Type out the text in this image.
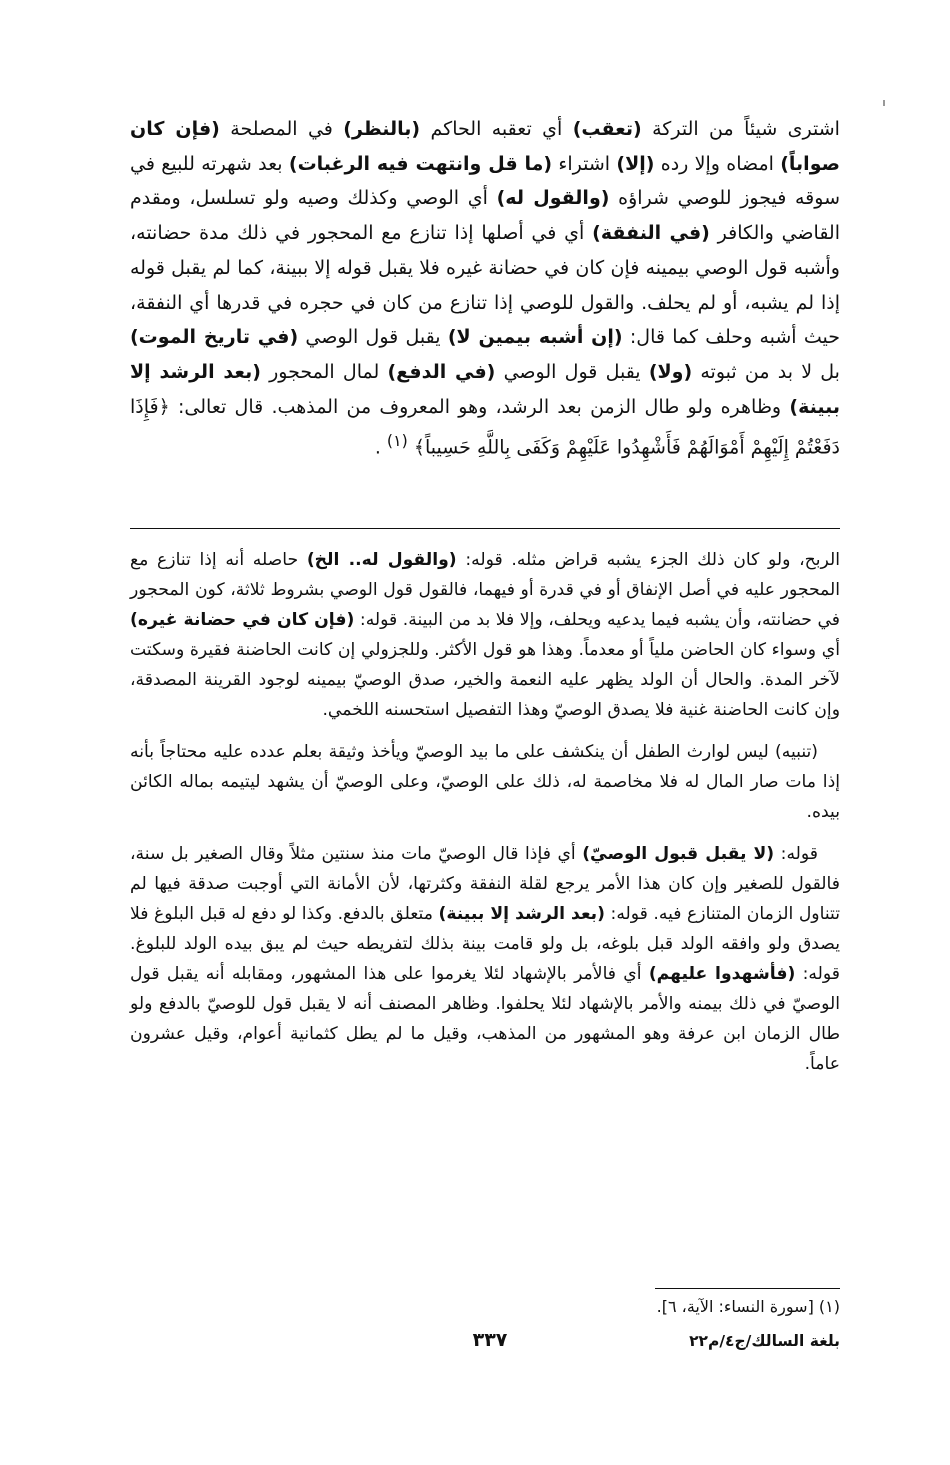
اشترى شيئاً من التركة (تعقب) أي تعقبه الحاكم (بالنظر) في المصلحة (فإن كان صواباً) امضاه وإلا رده (إلا) اشتراء (ما قل وانتهت فيه الرغبات) بعد شهرته للبيع في سوقه فيجوز للوصي شراؤه (والقول له) أي الوصي وكذلك وصيه ولو تسلسل، ومقدم القاضي والكافر (في النفقة) أي في أصلها إذا تنازع مع المحجور في ذلك مدة حضانته، وأشبه قول الوصي بيمينه فإن كان في حضانة غيره فلا يقبل قوله إلا ببينة، كما لم يقبل قوله إذا لم يشبه، أو لم يحلف. والقول للوصي إذا تنازع من كان في حجره في قدرها أي النفقة، حيث أشبه وحلف كما قال: (إن أشبه بيمين لا) يقبل قول الوصي (في تاريخ الموت) بل لا بد من ثبوته (ولا) يقبل قول الوصي (في الدفع) لمال المحجور (بعد الرشد إلا ببينة) وظاهره ولو طال الزمن بعد الرشد، وهو المعروف من المذهب. قال تعالى: ﴿فَإِذَا دَفَعْتُمْ إِلَيْهِمْ أَمْوَالَهُمْ فَأَشْهِدُوا عَلَيْهِمْ وَكَفَى بِاللَّهِ حَسِيباً﴾ $^{(١)}$ .

الربح، ولو كان ذلك الجزء يشبه قراض مثله. قوله: (والقول له.. الخ) حاصله أنه إذا تنازع مع المحجور عليه في أصل الإنفاق أو في قدرة أو فيهما، فالقول قول الوصي بشروط ثلاثة، كون المحجور في حضانته، وأن يشبه فيما يدعيه ويحلف، وإلا فلا بد من البينة. قوله: (فإن كان في حضانة غيره) أي وسواء كان الحاضن ملياً أو معدماً. وهذا هو قول الأكثر. وللجزولي إن كانت الحاضنة فقيرة وسكتت لآخر المدة. والحال أن الولد يظهر عليه النعمة والخير، صدق الوصيّ بيمينه لوجود القرينة المصدقة، وإن كانت الحاضنة غنية فلا يصدق الوصيّ وهذا التفصيل استحسنه اللخمي.

(تنبيه) ليس لوارث الطفل أن ينكشف على ما بيد الوصيّ ويأخذ وثيقة بعلم عدده عليه محتاجاً بأنه إذا مات صار المال له فلا مخاصمة له، ذلك على الوصيّ، وعلى الوصيّ أن يشهد ليتيمه بماله الكائن بيده.

قوله: (لا يقبل قبول الوصيّ) أي فإذا قال الوصيّ مات منذ سنتين مثلاً وقال الصغير بل سنة، فالقول للصغير وإن كان هذا الأمر يرجع لقلة النفقة وكثرتها، لأن الأمانة التي أوجبت صدقة فيها لم تتناول الزمان المتنازع فيه. قوله: (بعد الرشد إلا ببينة) متعلق بالدفع. وكذا لو دفع له قبل البلوغ فلا يصدق ولو وافقه الولد قبل بلوغه، بل ولو قامت بينة بذلك لتفريطه حيث لم يبق بيده الولد للبلوغ. قوله: (فأشهدوا عليهم) أي فالأمر بالإشهاد لئلا يغرموا على هذا المشهور، ومقابله أنه يقبل قول الوصيّ في ذلك بيمنه والأمر بالإشهاد لئلا يحلفوا. وظاهر المصنف أنه لا يقبل قول للوصيّ بالدفع ولو طال الزمان ابن عرفة وهو المشهور من المذهب، وقيل ما لم يطل كثمانية أعوام، وقيل عشرون عاماً.

(١) [سورة النساء: الآية، ٦].
بلغة السالك/ج٤/م٢٢
٣٣٧
